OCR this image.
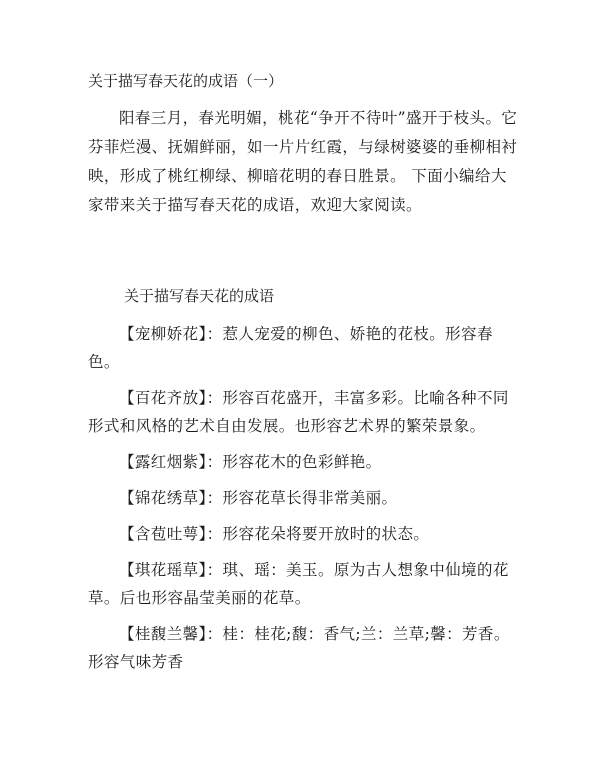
关于描写春天花的成语（一）

阳春三月，春光明媚，桃花“争开不待叶”盛开于枝头。它芬菲烂漫、抚媚鲜丽，如一片片红霞，与绿树婆婆的垂柳相衬映，形成了桃红柳绿、柳暗花明的春日胜景。 下面小编给大家带来关于描写春天花的成语，欢迎大家阅读。

关于描写春天花的成语

【宠柳娇花】：惹人宠爱的柳色、娇艳的花枝。形容春色。

【百花齐放】：形容百花盛开，丰富多彩。比喻各种不同形式和风格的艺术自由发展。也形容艺术界的繁荣景象。

【露红烟紫】：形容花木的色彩鲜艳。

【锦花绣草】：形容花草长得非常美丽。

【含苞吐萼】：形容花朵将要开放时的状态。

【琪花瑶草】：琪、瑶：美玉。原为古人想象中仙境的花草。后也形容晶莹美丽的花草。

【桂馥兰馨】：桂：桂花;馥：香气;兰：兰草;馨：芳香。形容气味芳香
